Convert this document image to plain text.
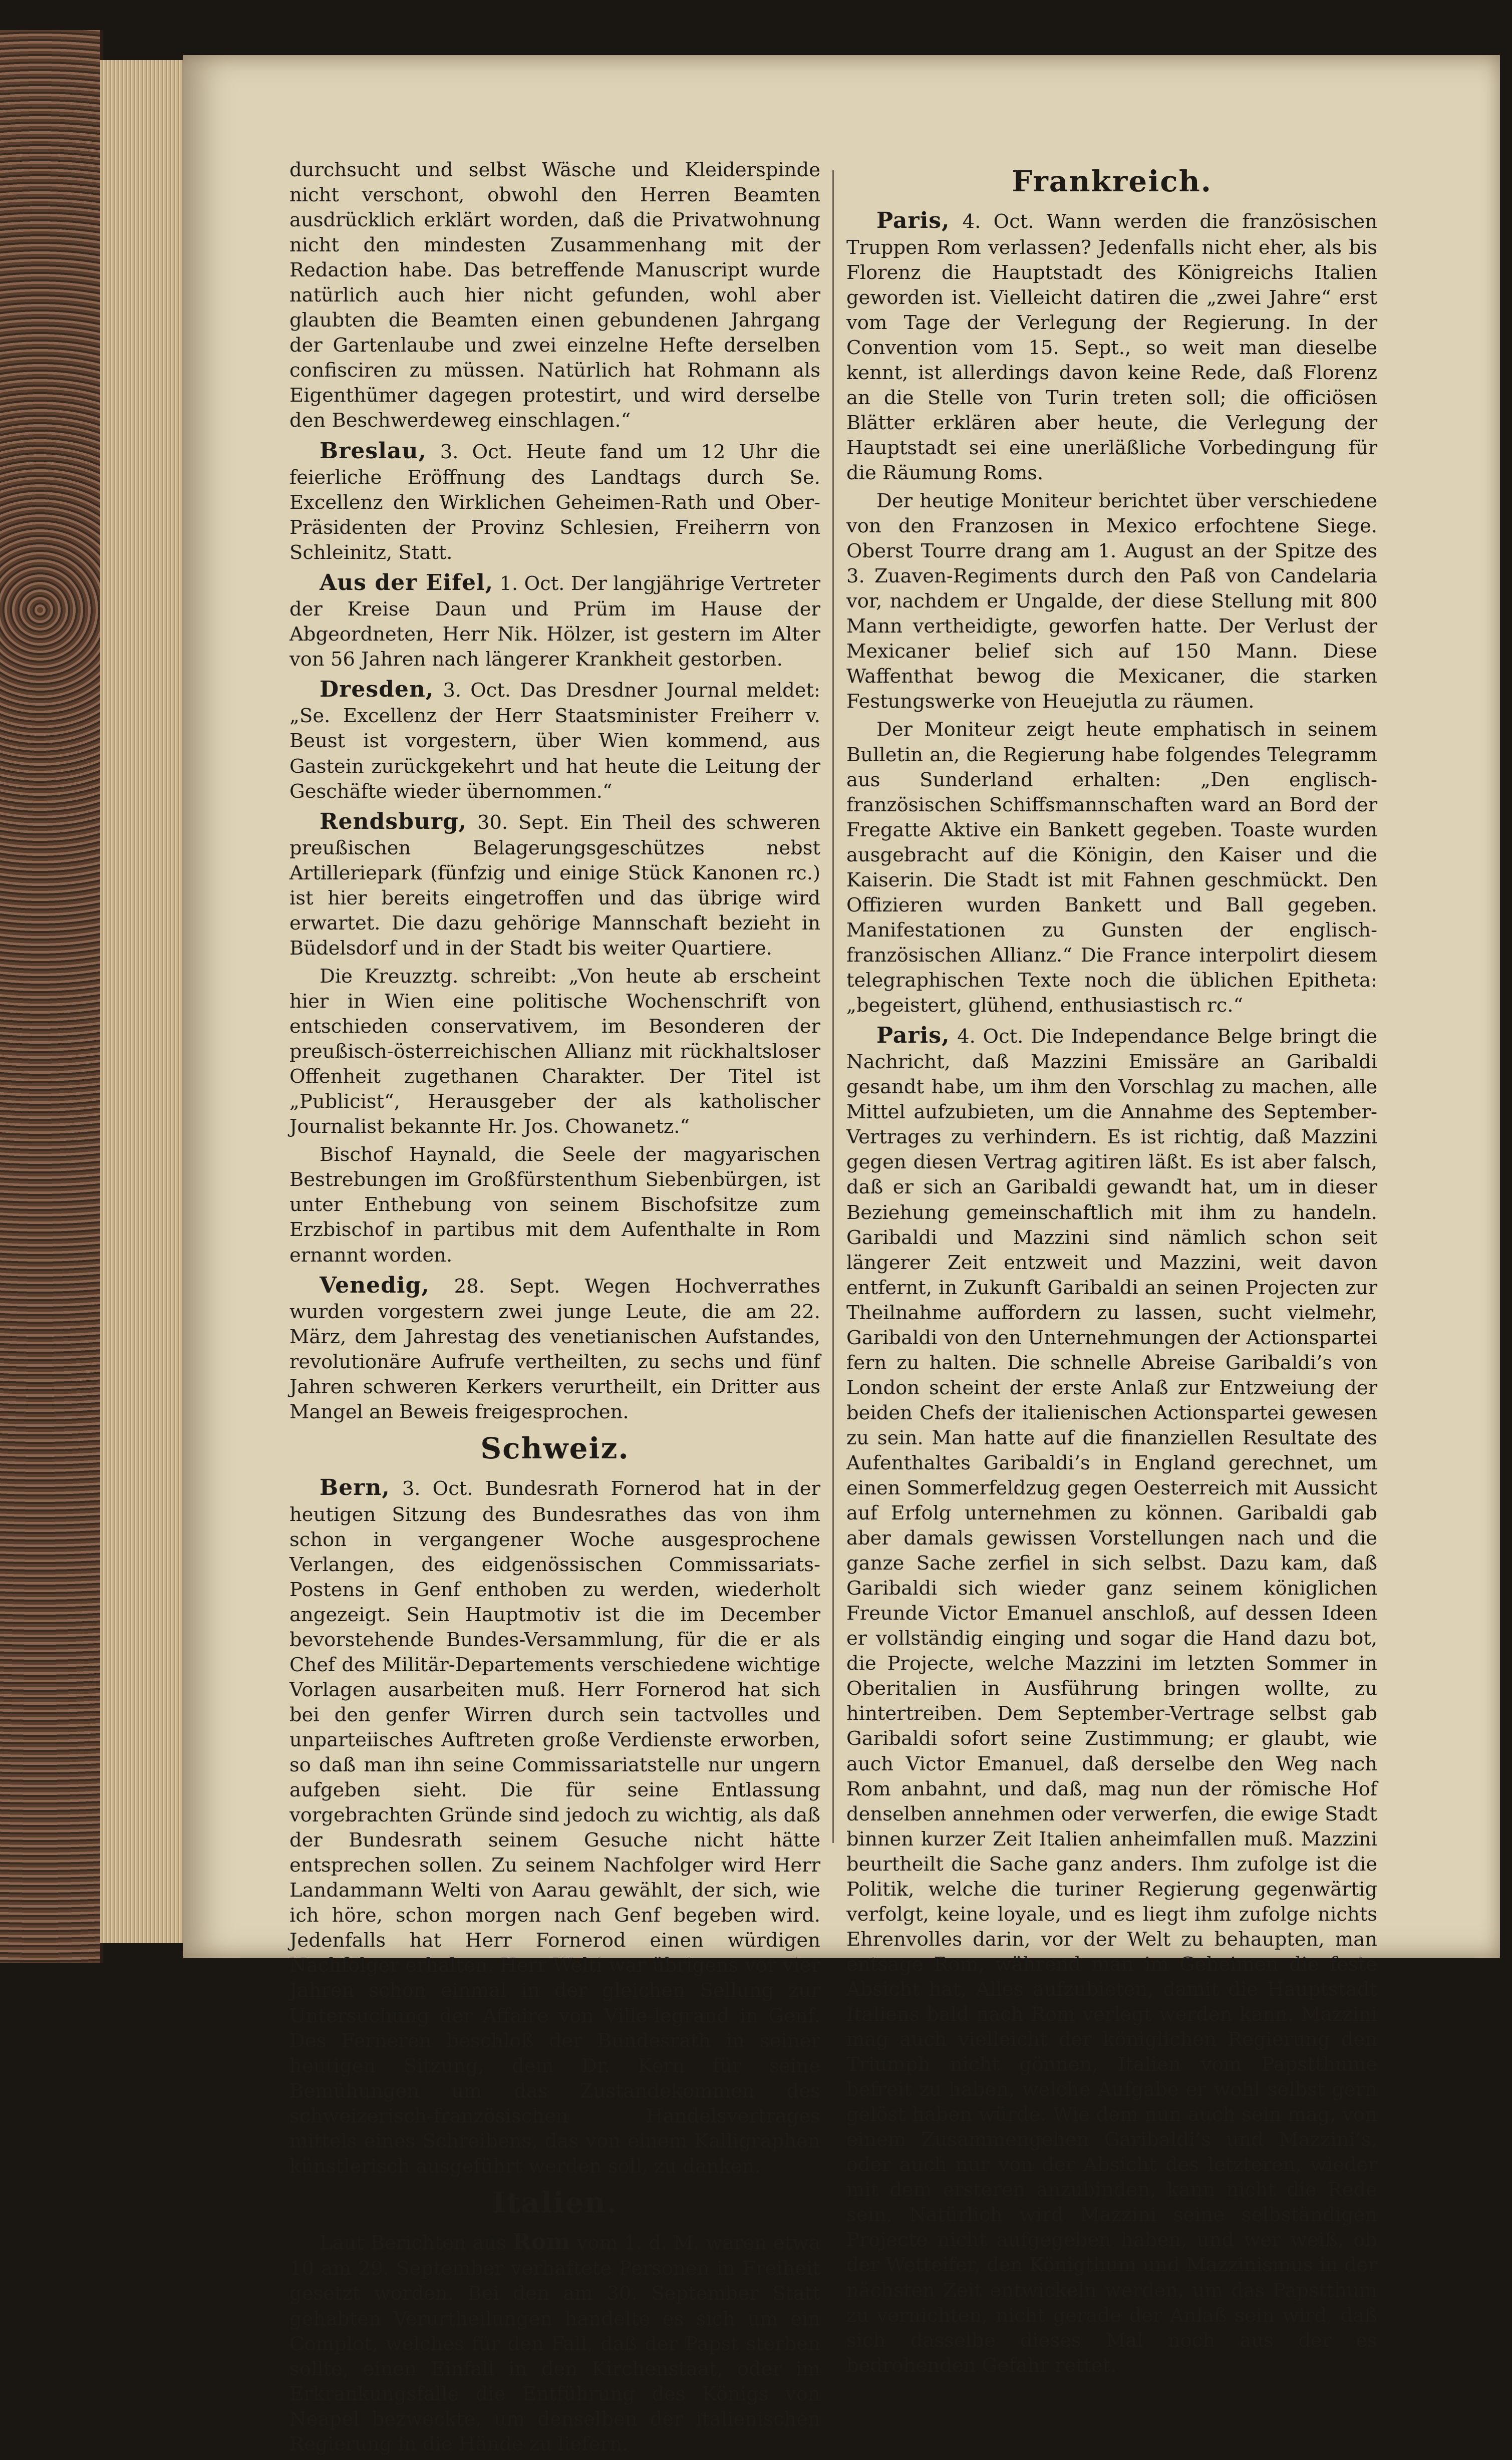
durchsucht und selbst Wäsche und Kleiderspinde nicht verschont, obwohl den Herren Beamten ausdrücklich erklärt worden, daß die Privatwohnung nicht den mindesten Zusammenhang mit der Redaction habe. Das betreffende Manuscript wurde natürlich auch hier nicht gefunden, wohl aber glaubten die Beamten einen gebundenen Jahrgang der Gartenlaube und zwei einzelne Hefte derselben confisciren zu müssen. Natürlich hat Rohmann als Eigenthümer dagegen protestirt, und wird derselbe den Beschwerdeweg einschlagen.“

Breslau, 3. Oct. Heute fand um 12 Uhr die feierliche Eröffnung des Landtags durch Se. Excellenz den Wirklichen Geheimen-Rath und Ober-Präsidenten der Provinz Schlesien, Freiherrn von Schleinitz, Statt.

Aus der Eifel, 1. Oct. Der langjährige Vertreter der Kreise Daun und Prüm im Hause der Abgeordneten, Herr Nik. Hölzer, ist gestern im Alter von 56 Jahren nach längerer Krankheit gestorben.

Dresden, 3. Oct. Das Dresdner Journal meldet: „Se. Excellenz der Herr Staatsminister Freiherr v. Beust ist vorgestern, über Wien kommend, aus Gastein zurückgekehrt und hat heute die Leitung der Geschäfte wieder übernommen.“

Rendsburg, 30. Sept. Ein Theil des schweren preußischen Belagerungsgeschützes nebst Artilleriepark (fünfzig und einige Stück Kanonen rc.) ist hier bereits eingetroffen und das übrige wird erwartet. Die dazu gehörige Mannschaft bezieht in Büdelsdorf und in der Stadt bis weiter Quartiere.

Die Kreuzztg. schreibt: „Von heute ab erscheint hier in Wien eine politische Wochenschrift von entschieden conservativem, im Besonderen der preußisch-österreichischen Allianz mit rückhaltsloser Offenheit zugethanen Charakter. Der Titel ist „Publicist“, Herausgeber der als katholischer Journalist bekannte Hr. Jos. Chowanetz.“

Bischof Haynald, die Seele der magyarischen Bestrebungen im Großfürstenthum Siebenbürgen, ist unter Enthebung von seinem Bischofsitze zum Erzbischof in partibus mit dem Aufenthalte in Rom ernannt worden.

Venedig, 28. Sept. Wegen Hochverrathes wurden vorgestern zwei junge Leute, die am 22. März, dem Jahrestag des venetianischen Aufstandes, revolutionäre Aufrufe vertheilten, zu sechs und fünf Jahren schweren Kerkers verurtheilt, ein Dritter aus Mangel an Beweis freigesprochen.

Schweiz.

Bern, 3. Oct. Bundesrath Fornerod hat in der heutigen Sitzung des Bundesrathes das von ihm schon in vergangener Woche ausgesprochene Verlangen, des eidgenössischen Commissariats-Postens in Genf enthoben zu werden, wiederholt angezeigt. Sein Hauptmotiv ist die im December bevorstehende Bundes-Versammlung, für die er als Chef des Militär-Departements verschiedene wichtige Vorlagen ausarbeiten muß. Herr Fornerod hat sich bei den genfer Wirren durch sein tactvolles und unparteiisches Auftreten große Verdienste erworben, so daß man ihn seine Commissariatstelle nur ungern aufgeben sieht. Die für seine Entlassung vorgebrachten Gründe sind jedoch zu wichtig, als daß der Bundesrath seinem Gesuche nicht hätte entsprechen sollen. Zu seinem Nachfolger wird Herr Landammann Welti von Aarau gewählt, der sich, wie ich höre, schon morgen nach Genf begeben wird. Jedenfalls hat Herr Fornerod einen würdigen Nachfolger erhalten. Herr Welti war übrigens vor vier Jahren schon einmal in der gleichen Sellung zur Untersuchung der Affaire von Ville-legrand in Genf. Des Ferneren beschloß der Bundesrath in seiner heutigen Sitzung, dem Dr. Kern für seine Bemühungen um das Zustandekommen des schweizerisch-französischen Handelsvertrages mittels eines Schreibens, das von einem Kalligraphen künstlerisch ausgeführt werden soll, zu danken.

Italien.

Laut Berichten aus Rom vom 1. d. M. waren etwa 10 am 29. September verhaftete Personen in Freiheit gesetzt worden. Bei den am 30. September Statt gehabten Verurtheilungen handelte es sich um ein Complot, welches für den Fall, daß der Papst sterben sollte, einen Einfall in den Kirchenstaat, oder im Erkrankungsfalle die Entführung des Königs von Neapel bezweckte, um denselben der italienischen Regierung in die Hände zu liefern.

Frankreich.

Paris, 4. Oct. Wann werden die französischen Truppen Rom verlassen? Jedenfalls nicht eher, als bis Florenz die Hauptstadt des Königreichs Italien geworden ist. Vielleicht datiren die „zwei Jahre“ erst vom Tage der Verlegung der Regierung. In der Convention vom 15. Sept., so weit man dieselbe kennt, ist allerdings davon keine Rede, daß Florenz an die Stelle von Turin treten soll; die officiösen Blätter erklären aber heute, die Verlegung der Hauptstadt sei eine unerläßliche Vorbedingung für die Räumung Roms.

Der heutige Moniteur berichtet über verschiedene von den Franzosen in Mexico erfochtene Siege. Oberst Tourre drang am 1. August an der Spitze des 3. Zuaven-Regiments durch den Paß von Candelaria vor, nachdem er Ungalde, der diese Stellung mit 800 Mann vertheidigte, geworfen hatte. Der Verlust der Mexicaner belief sich auf 150 Mann. Diese Waffenthat bewog die Mexicaner, die starken Festungswerke von Heuejutla zu räumen.

Der Moniteur zeigt heute emphatisch in seinem Bulletin an, die Regierung habe folgendes Telegramm aus Sunderland erhalten: „Den englisch-französischen Schiffsmannschaften ward an Bord der Fregatte Aktive ein Bankett gegeben. Toaste wurden ausgebracht auf die Königin, den Kaiser und die Kaiserin. Die Stadt ist mit Fahnen geschmückt. Den Offizieren wurden Bankett und Ball gegeben. Manifestationen zu Gunsten der englisch-französischen Allianz.“ Die France interpolirt diesem telegraphischen Texte noch die üblichen Epitheta: „begeistert, glühend, enthusiastisch rc.“

Paris, 4. Oct. Die Independance Belge bringt die Nachricht, daß Mazzini Emissäre an Garibaldi gesandt habe, um ihm den Vorschlag zu machen, alle Mittel aufzubieten, um die Annahme des September-Vertrages zu verhindern. Es ist richtig, daß Mazzini gegen diesen Vertrag agitiren läßt. Es ist aber falsch, daß er sich an Garibaldi gewandt hat, um in dieser Beziehung gemeinschaftlich mit ihm zu handeln. Garibaldi und Mazzini sind nämlich schon seit längerer Zeit entzweit und Mazzini, weit davon entfernt, in Zukunft Garibaldi an seinen Projecten zur Theilnahme auffordern zu lassen, sucht vielmehr, Garibaldi von den Unternehmungen der Actionspartei fern zu halten. Die schnelle Abreise Garibaldi’s von London scheint der erste Anlaß zur Entzweiung der beiden Chefs der italienischen Actionspartei gewesen zu sein. Man hatte auf die finanziellen Resultate des Aufenthaltes Garibaldi’s in England gerechnet, um einen Sommerfeldzug gegen Oesterreich mit Aussicht auf Erfolg unternehmen zu können. Garibaldi gab aber damals gewissen Vorstellungen nach und die ganze Sache zerfiel in sich selbst. Dazu kam, daß Garibaldi sich wieder ganz seinem königlichen Freunde Victor Emanuel anschloß, auf dessen Ideen er vollständig einging und sogar die Hand dazu bot, die Projecte, welche Mazzini im letzten Sommer in Oberitalien in Ausführung bringen wollte, zu hintertreiben. Dem September-Vertrage selbst gab Garibaldi sofort seine Zustimmung; er glaubt, wie auch Victor Emanuel, daß derselbe den Weg nach Rom anbahnt, und daß, mag nun der römische Hof denselben annehmen oder verwerfen, die ewige Stadt binnen kurzer Zeit Italien anheimfallen muß. Mazzini beurtheilt die Sache ganz anders. Ihm zufolge ist die Politik, welche die turiner Regierung gegenwärtig verfolgt, keine loyale, und es liegt ihm zufolge nichts Ehrenvolles darin, vor der Welt zu behaupten, man entsage Rom, während man im Geheimen die feste Absicht hat, Alles aufzubieten, damit die Hauptstadt Italiens bald nach Rom verlegt werden kann. Mazzini mag auch vielleicht der königlichen Regierung den Triumph nicht gönnen, Italien vom Papstthume befreit zu haben, welche Aufgabe er wohl selbst gern gelöst haben würde. Wie dem nun auch sein mag, von einem Zusammengehen Garibaldi’s und Mazzini’s, oder auch nur von der Absicht des letzteren, wieder mit dem ersteren anzubinden, kann nicht die Rede sein. Natürlich wird Mazzini seine selbständigen Projecte nicht aufgegeben haben, und wer weiß, ob der Wetteifer, den Königthum und Mazzinismus in der nächsten Zeit entwickeln werden, um das Papstthum zu vernichten, nicht gerade der Anlaß sein wird, daß sich dasselbe dieses Mal noch aus der es bedrohenden Gefahr rettet.
